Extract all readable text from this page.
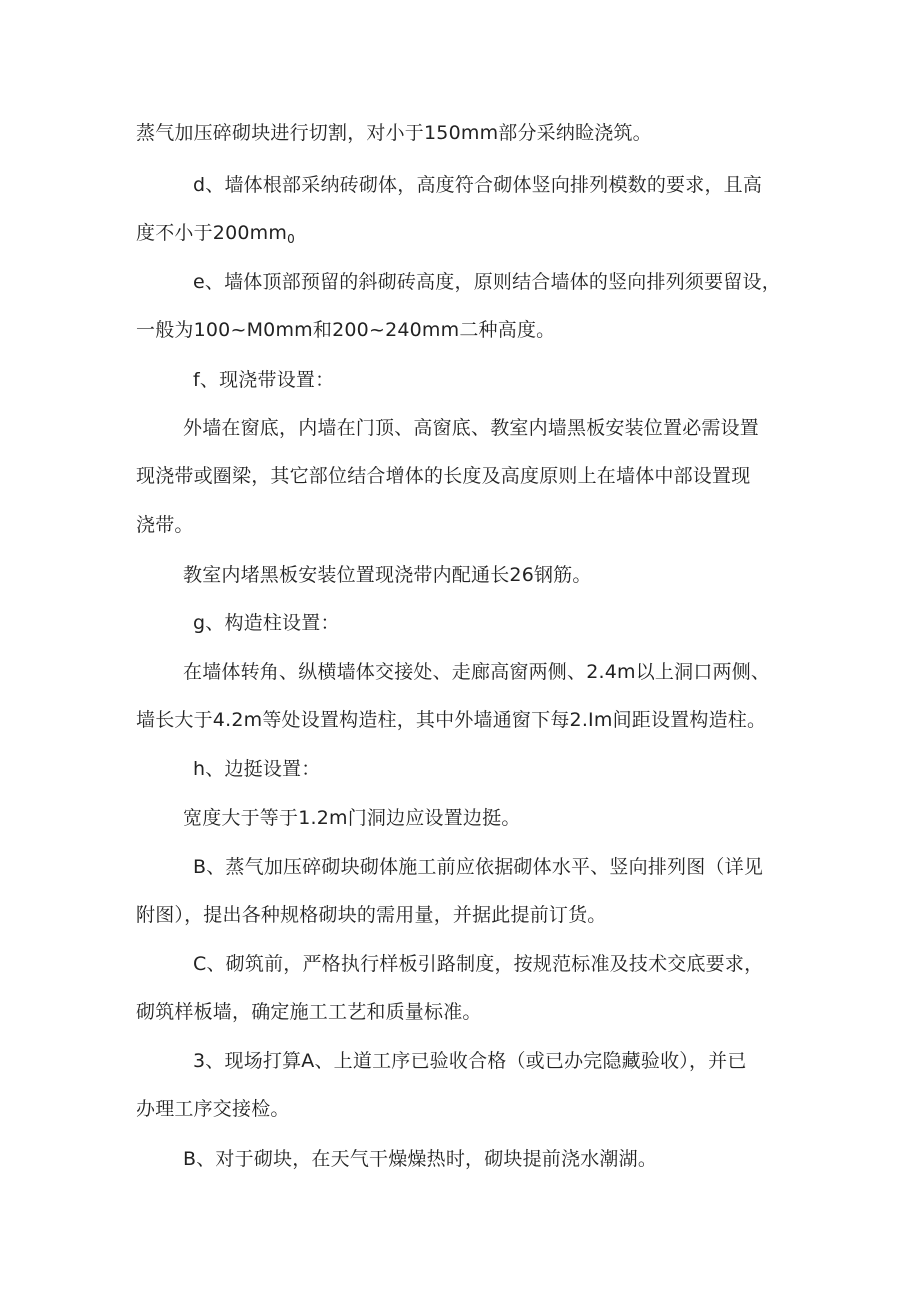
蒸气加压碎砌块进行切割，对小于150mm部分采纳睑浇筑。

d、墙体根部采纳砖砌体，高度符合砌体竖向排列模数的要求，且高

度不小于$200mm_0$

e、墙体顶部预留的斜砌砖高度，原则结合墙体的竖向排列须要留设，

一般为100~M0mm和200~240mm二种高度。

f、现浇带设置：

外墙在窗底，内墙在门顶、高窗底、教室内墙黑板安装位置必需设置

现浇带或圈梁，其它部位结合增体的长度及高度原则上在墙体中部设置现

浇带。

教室内堵黑板安装位置现浇带内配通长26钢筋。

g、构造柱设置：

在墙体转角、纵横墙体交接处、走廊高窗两侧、2.4m以上洞口两侧、

墙长大于4.2m等处设置构造柱，其中外墙通窗下每2.Im间距设置构造柱。

h、边挺设置：

宽度大于等于1.2m门洞边应设置边挺。

B、蒸气加压碎砌块砌体施工前应依据砌体水平、竖向排列图（详见

附图），提出各种规格砌块的需用量，并据此提前订货。

C、砌筑前，严格执行样板引路制度，按规范标准及技术交底要求，

砌筑样板墙，确定施工工艺和质量标准。

3、现场打算A、上道工序已验收合格（或已办完隐藏验收），并已

办理工序交接检。

B、对于砌块，在天气干燥燥热时，砌块提前浇水潮湖。
